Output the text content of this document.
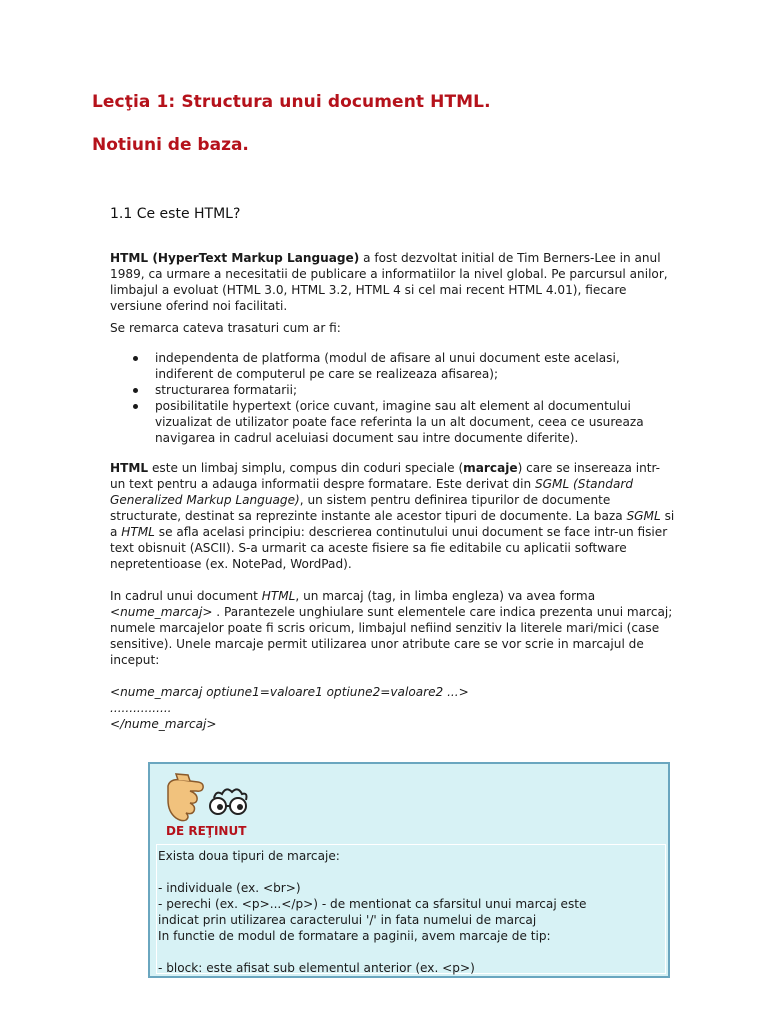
Lecţia 1: Structura unui document HTML.
Notiuni de baza.
1.1 Ce este HTML?

HTML (HyperText Markup Language) a fost dezvoltat initial de Tim Berners-Lee in anul 1989, ca urmare a necesitatii de publicare a informatiilor la nivel global. Pe parcursul anilor, limbajul a evoluat (HTML 3.0, HTML 3.2, HTML 4 si cel mai recent HTML 4.01), fiecare versiune oferind noi facilitati.

Se remarca cateva trasaturi cum ar fi:

independenta de platforma (modul de afisare al unui document este acelasi, indiferent de computerul pe care se realizeaza afisarea);
structurarea formatarii;
posibilitatile hypertext (orice cuvant, imagine sau alt element al documentului vizualizat de utilizator poate face referinta la un alt document, ceea ce usureaza navigarea in cadrul aceluiasi document sau intre documente diferite).

HTML este un limbaj simplu, compus din coduri speciale (marcaje) care se insereaza intr-un text pentru a adauga informatii despre formatare. Este derivat din SGML (Standard Generalized Markup Language), un sistem pentru definirea tipurilor de documente structurate, destinat sa reprezinte instante ale acestor tipuri de documente. La baza SGML si a HTML se afla acelasi principiu: descrierea continutului unui document se face intr-un fisier text obisnuit (ASCII). S-a urmarit ca aceste fisiere sa fie editabile cu aplicatii software nepretentioase (ex. NotePad, WordPad).

In cadrul unui document HTML, un marcaj (tag, in limba engleza) va avea forma <nume_marcaj> . Parantezele unghiulare sunt elementele care indica prezenta unui marcaj; numele marcajelor poate fi scris oricum, limbajul nefiind senzitiv la literele mari/mici (case sensitive). Unele marcaje permit utilizarea unor atribute care se vor scrie in marcajul de inceput:

<nume_marcaj optiune1=valoare1 optiune2=valoare2 ...>
................
</nume_marcaj>
DE REŢINUT
Exista doua tipuri de marcaje:
- individuale (ex. <br>)
- perechi (ex. <p>...</p>) - de mentionat ca sfarsitul unui marcaj este
indicat prin utilizarea caracterului '/' in fata numelui de marcaj
In functie de modul de formatare a paginii, avem marcaje de tip:
- block: este afisat sub elementul anterior (ex. <p>)
